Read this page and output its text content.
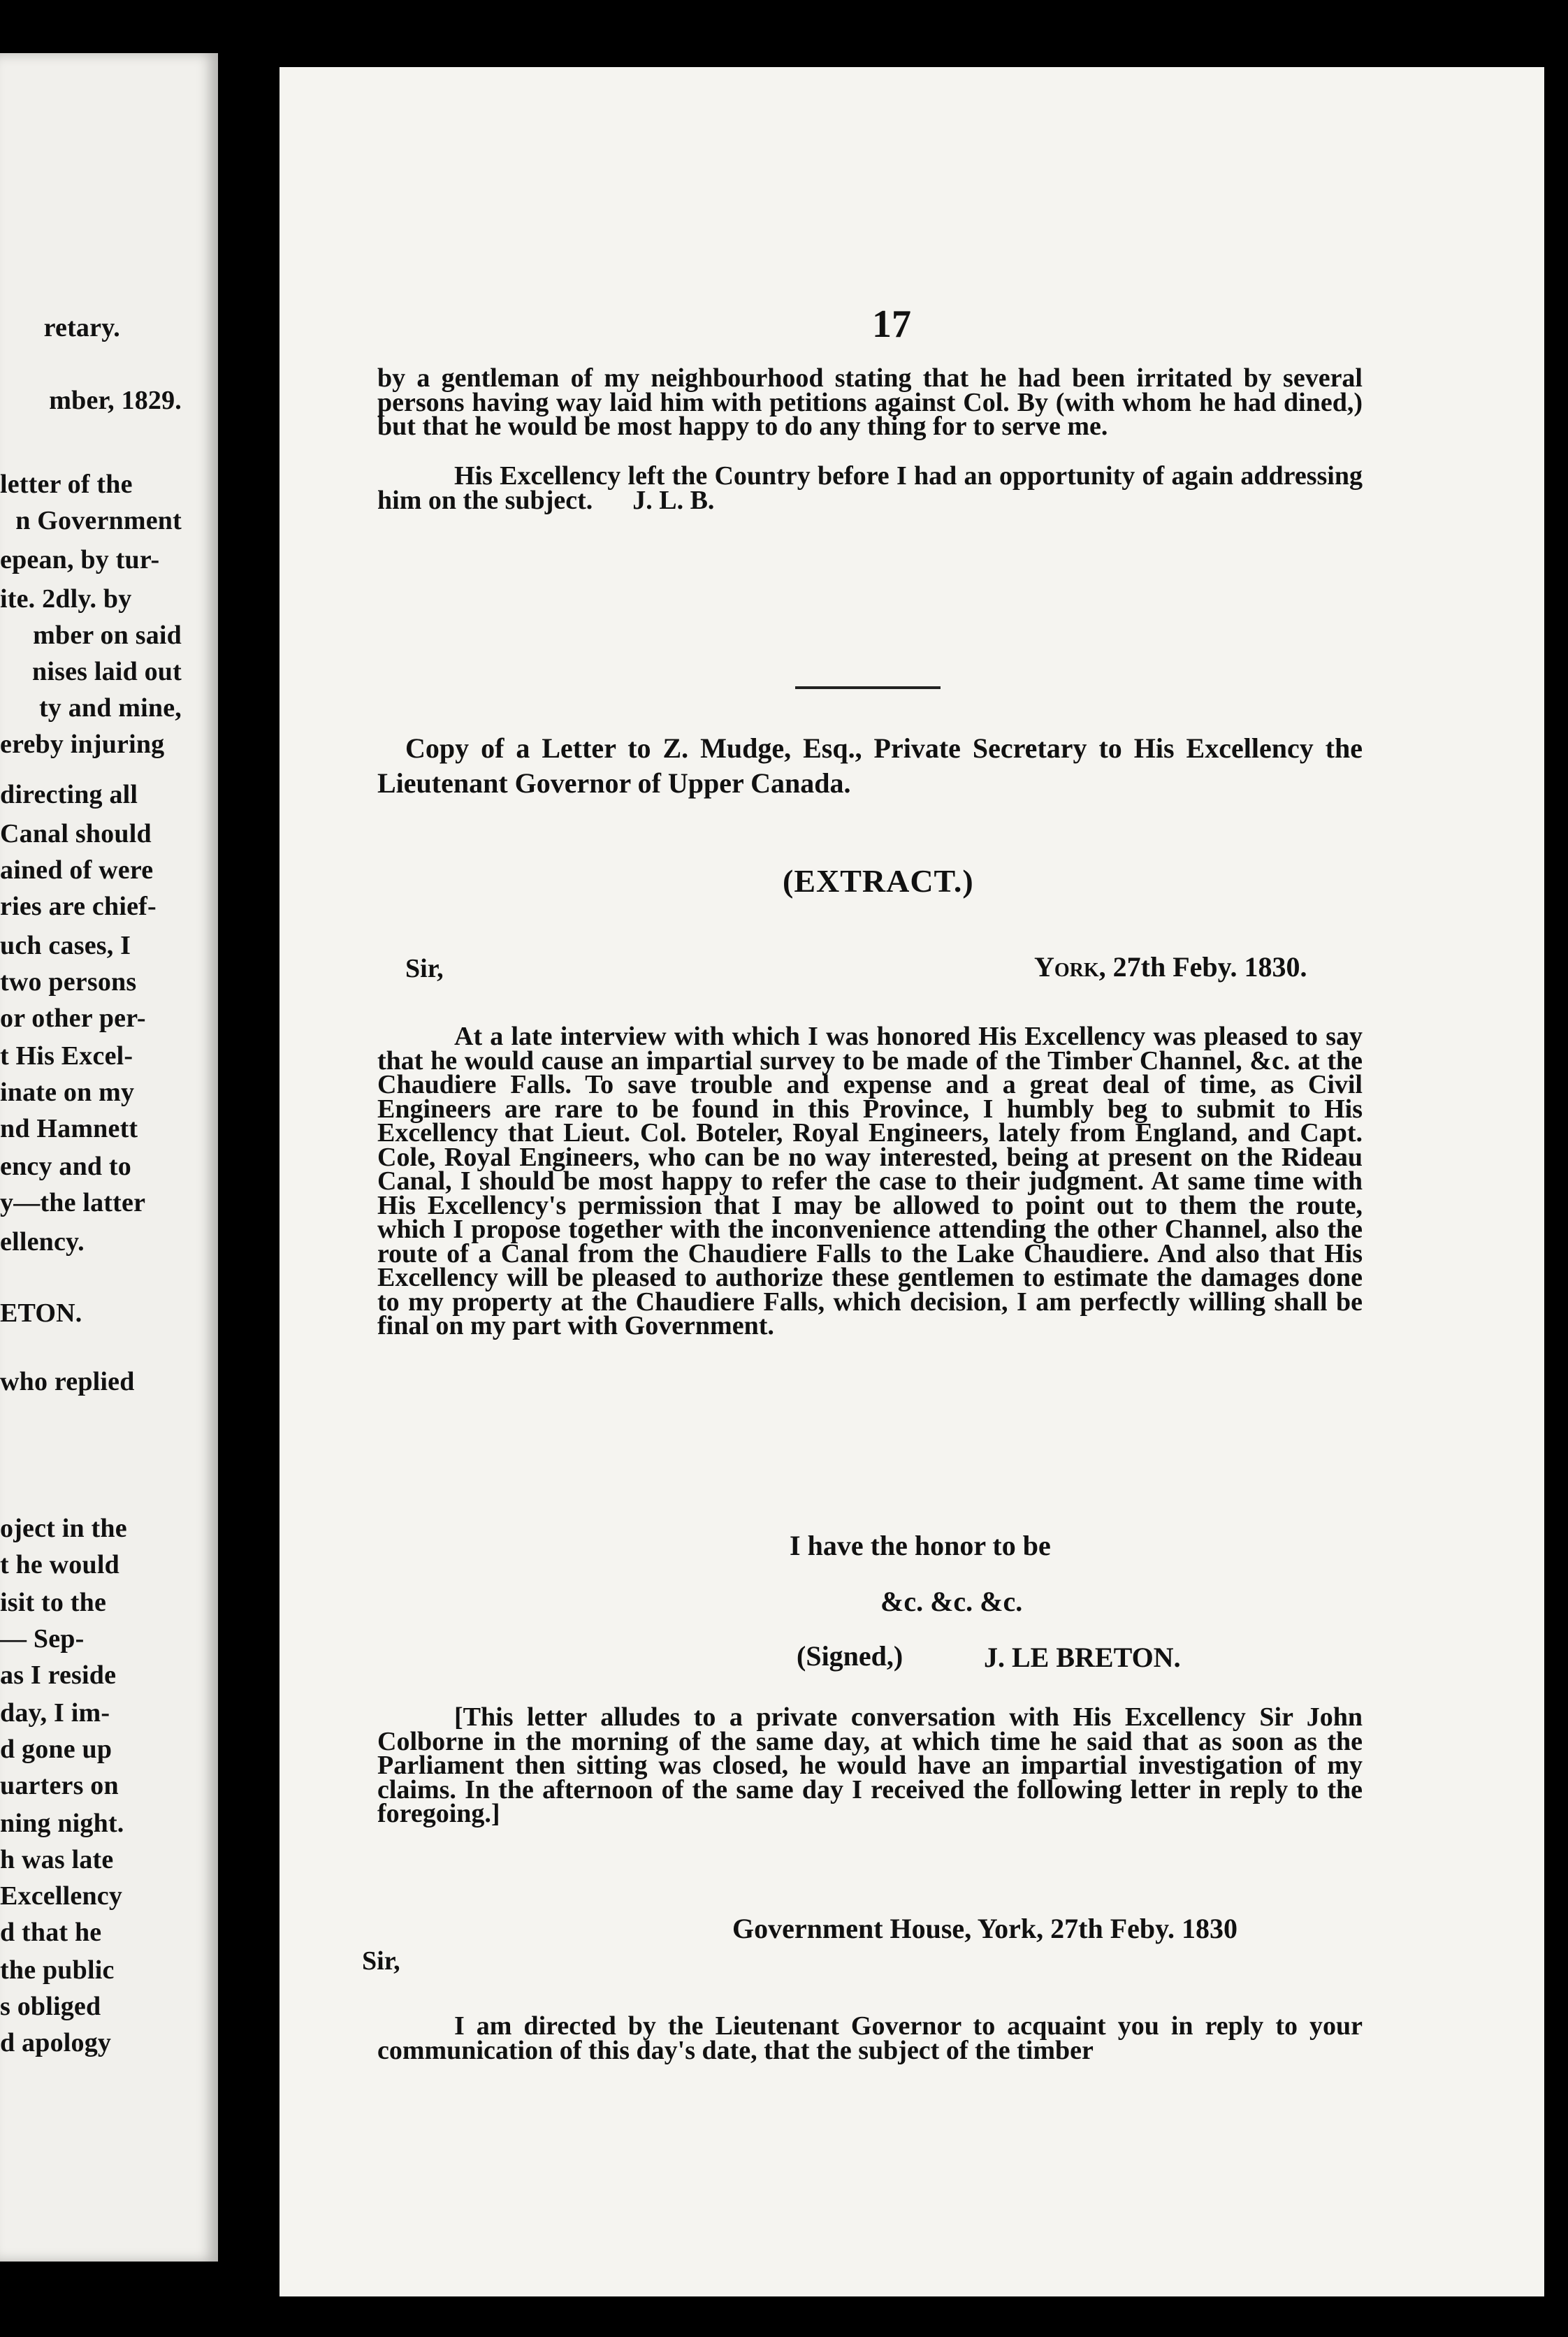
retary.
mber, 1829.
letter of the
n Government
epean, by tur-
ite. 2dly. by
mber on said
nises laid out
ty and mine,
ereby injuring
directing all
Canal should
ained of were
ries are chief-
uch cases, I
two persons
or other per-
t His Excel-
inate on my
nd Hamnett
ency and to
y—the latter
ellency.
ETON.
who replied
oject in the
t he would
isit to the
— Sep-
as I reside
day, I im-
d gone up
uarters on
ning night.
h was late
Excellency
d that he
the public
s obliged
d apology
17

by a gentleman of my neighbourhood stating that he had been irritated by several persons having way laid him with petitions against Col. By (with whom he had dined,) but that he would be most happy to do any thing for to serve me.

His Excellency left the Country before I had an opportunity of again addressing him on the subject. J. L. B.

Copy of a Letter to Z. Mudge, Esq., Private Secretary to His Excellency the Lieutenant Governor of Upper Canada.

(EXTRACT.)
Sir,	York, 27th Feby. 1830.

At a late interview with which I was honored His Excellency was pleased to say that he would cause an impartial survey to be made of the Timber Channel, &c. at the Chaudiere Falls. To save trouble and expense and a great deal of time, as Civil Engineers are rare to be found in this Province, I humbly beg to submit to His Excellency that Lieut. Col. Boteler, Royal Engineers, lately from England, and Capt. Cole, Royal Engineers, who can be no way interested, being at present on the Rideau Canal, I should be most happy to refer the case to their judgment. At same time with His Excellency's permission that I may be allowed to point out to them the route, which I propose together with the inconvenience attending the other Channel, also the route of a Canal from the Chaudiere Falls to the Lake Chaudiere. And also that His Excellency will be pleased to authorize these gentlemen to estimate the damages done to my property at the Chaudiere Falls, which decision, I am perfectly willing shall be final on my part with Government.

I have the honor to be
&c. &c. &c.
(Signed,)	J. LE BRETON.

[This letter alludes to a private conversation with His Excellency Sir John Colborne in the morning of the same day, at which time he said that as soon as the Parliament then sitting was closed, he would have an impartial investigation of my claims. In the afternoon of the same day I received the following letter in reply to the foregoing.]

Government House, York, 27th Feby. 1830
Sir,

I am directed by the Lieutenant Governor to acquaint you in reply to your communication of this day's date, that the subject of the timber
